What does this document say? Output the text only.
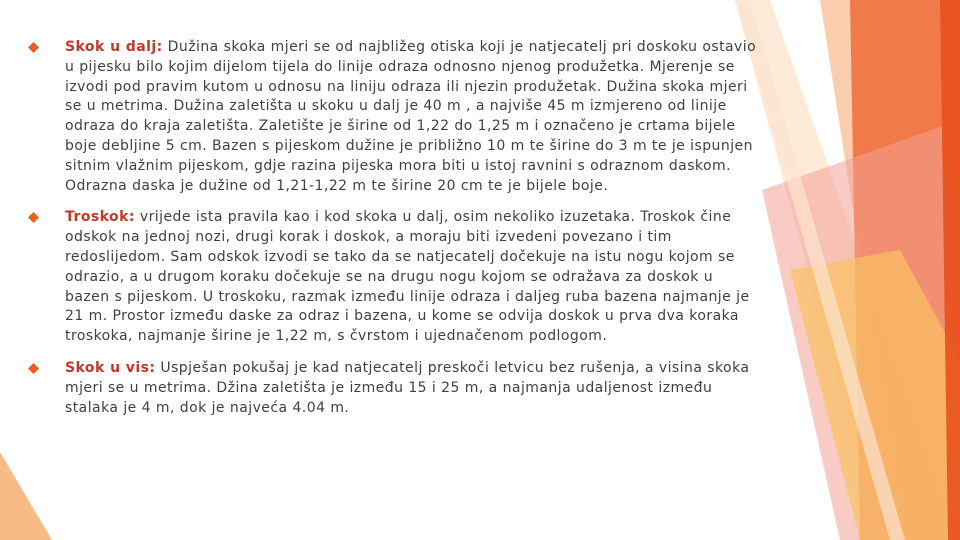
Skok u dalj: Dužina skoka mjeri se od najbližeg otiska koji je natjecatelj pri doskoku ostavio u pijesku bilo kojim dijelom tijela do linije odraza odnosno njenog produžetka. Mjerenje se izvodi pod pravim kutom u odnosu na liniju odraza ili njezin produžetak. Dužina skoka mjeri se u metrima. Dužina zaletišta u skoku u dalj je 40 m , a najviše 45 m izmjereno od linije odraza do kraja zaletišta. Zaletište je širine od 1,22 do 1,25 m i označeno je crtama bijele boje debljine 5 cm. Bazen s pijeskom dužine je približno 10 m te širine do 3 m te je ispunjen sitnim vlažnim pijeskom, gdje razina pijeska mora biti u istoj ravnini s odraznom daskom. Odrazna daska je dužine od 1,21-1,22 m te širine 20 cm te je bijele boje.
Troskok: vrijede ista pravila kao i kod skoka u dalj, osim nekoliko izuzetaka. Troskok čine odskok na jednoj nozi, drugi korak i doskok, a moraju biti izvedeni povezano i tim redoslijedom. Sam odskok izvodi se tako da se natjecatelj dočekuje na istu nogu kojom se odrazio, a u drugom koraku dočekuje se na drugu nogu kojom se odražava za doskok u bazen s pijeskom. U troskoku, razmak između linije odraza i daljeg ruba bazena najmanje je 21 m. Prostor između daske za odraz i bazena, u kome se odvija doskok u prva dva koraka troskoka, najmanje širine je 1,22 m, s čvrstom i ujednačenom podlogom.
Skok u vis: Uspješan pokušaj je kad natjecatelj preskoči letvicu bez rušenja, a visina skoka mjeri se u metrima. Džina zaletišta je između 15 i 25 m, a najmanja udaljenost između stalaka je 4 m, dok je najveća 4.04 m.
